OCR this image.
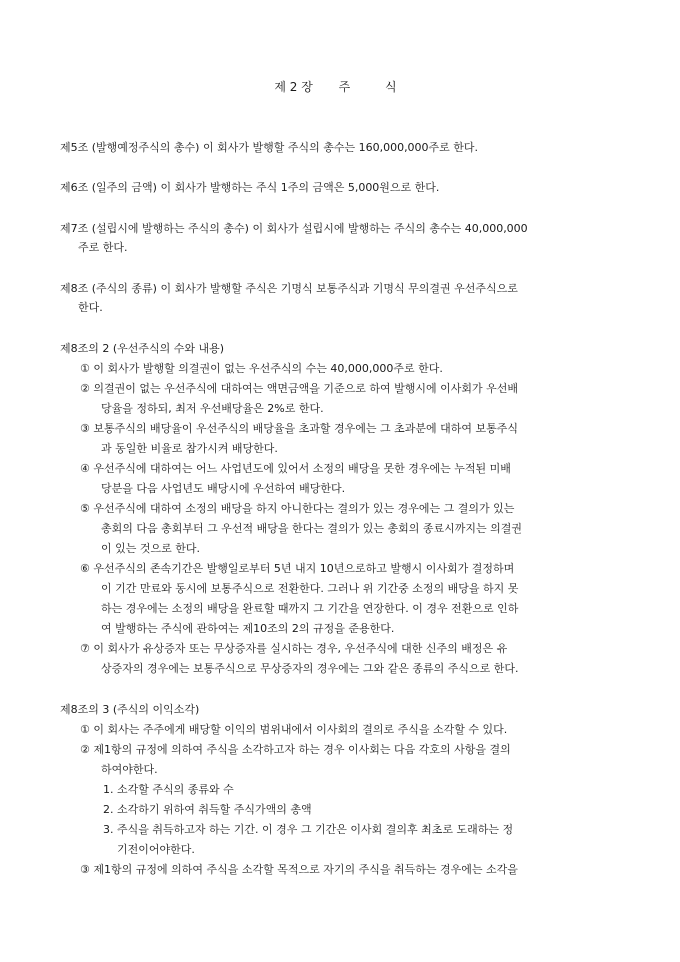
제 2 장 주	식
제5조 (발행예정주식의 총수) 이 회사가 발행할 주식의 총수는 160,000,000주로 한다.
제6조 (일주의 금액) 이 회사가 발행하는 주식 1주의 금액은 5,000원으로 한다.
제7조 (설립시에 발행하는 주식의 총수) 이 회사가 설립시에 발행하는 주식의 총수는 40,000,000
주로 한다.
제8조 (주식의 종류) 이 회사가 발행할 주식은 기명식 보통주식과 기명식 무의결권 우선주식으로
한다.
제8조의 2 (우선주식의 수와 내용)
① 이 회사가 발행할 의결권이 없는 우선주식의 수는 40,000,000주로 한다.
② 의결권이 없는 우선주식에 대하여는 액면금액을 기준으로 하여 발행시에 이사회가 우선배
당율을 정하되, 최저 우선배당율은 2%로 한다.
③ 보통주식의 배당율이 우선주식의 배당율을 초과할 경우에는 그 초과분에 대하여 보통주식
과 동일한 비율로 참가시켜 배당한다.
④ 우선주식에 대하여는 어느 사업년도에 있어서 소정의 배당을 못한 경우에는 누적된 미배
당분을 다음 사업년도 배당시에 우선하여 배당한다.
⑤ 우선주식에 대하여 소정의 배당을 하지 아니한다는 결의가 있는 경우에는 그 결의가 있는
총회의 다음 총회부터 그 우선적 배당을 한다는 결의가 있는 총회의 종료시까지는 의결권
이 있는 것으로 한다.
⑥ 우선주식의 존속기간은 발행일로부터 5년 내지 10년으로하고 발행시 이사회가 결정하며
이 기간 만료와 동시에 보통주식으로 전환한다. 그러나 위 기간중 소정의 배당을 하지 못
하는 경우에는 소정의 배당을 완료할 때까지 그 기간을 연장한다. 이 경우 전환으로 인하
여 발행하는 주식에 관하여는 제10조의 2의 규정을 준용한다.
⑦ 이 회사가 유상증자 또는 무상증자를 실시하는 경우, 우선주식에 대한 신주의 배정은 유
상증자의 경우에는 보통주식으로 무상증자의 경우에는 그와 같은 종류의 주식으로 한다.
제8조의 3 (주식의 이익소각)
① 이 회사는 주주에게 배당할 이익의 범위내에서 이사회의 결의로 주식을 소각할 수 있다.
② 제1항의 규정에 의하여 주식을 소각하고자 하는 경우 이사회는 다음 각호의 사항을 결의
하여야한다.
1. 소각할 주식의 종류와 수
2. 소각하기 위하여 취득할 주식가액의 총액
3. 주식을 취득하고자 하는 기간. 이 경우 그 기간은 이사회 결의후 최초로 도래하는 정
기전이어야한다.
③ 제1항의 규정에 의하여 주식을 소각할 목적으로 자기의 주식을 취득하는 경우에는 소각을
